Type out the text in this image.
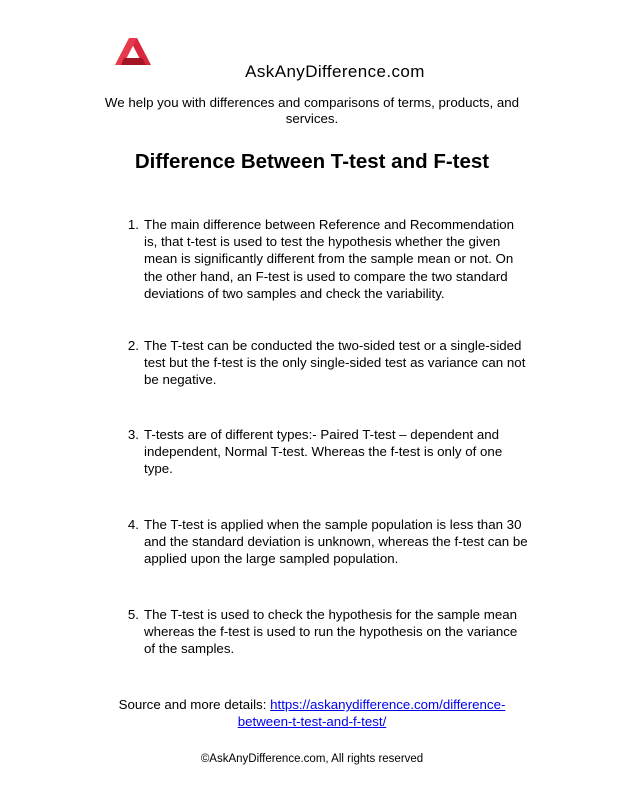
AskAnyDifference.com
We help you with differences and comparisons of terms, products, and services.
Difference Between T-test and F-test
1. The main difference between Reference and Recommendation is, that t-test is used to test the hypothesis whether the given mean is significantly different from the sample mean or not. On the other hand, an F-test is used to compare the two standard deviations of two samples and check the variability.
2. The T-test can be conducted the two-sided test or a single-sided test but the f-test is the only single-sided test as variance can not be negative.
3. T-tests are of different types:- Paired T-test – dependent and independent, Normal T-test. Whereas the f-test is only of one type.
4. The T-test is applied when the sample population is less than 30 and the standard deviation is unknown, whereas the f-test can be applied upon the large sampled population.
5. The T-test is used to check the hypothesis for the sample mean whereas the f-test is used to run the hypothesis on the variance of the samples.
Source and more details: https://askanydifference.com/difference-between-t-test-and-f-test/
©AskAnyDifference.com, All rights reserved
